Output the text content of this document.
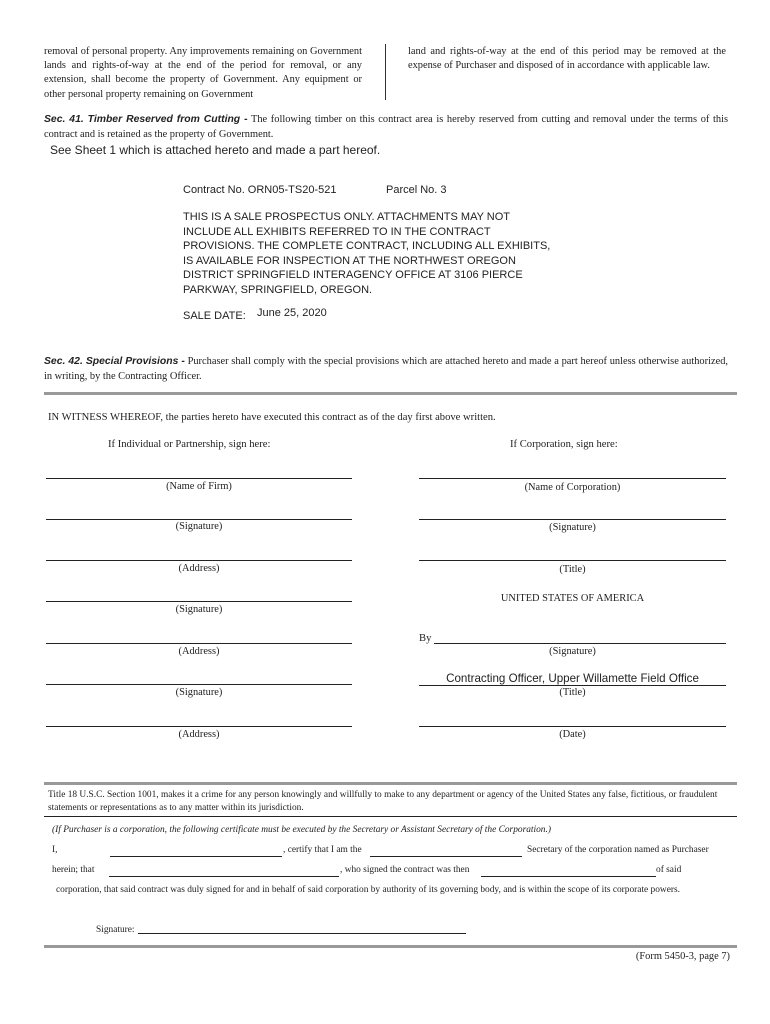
removal of personal property. Any improvements remaining on Government lands and rights-of-way at the end of the period for removal, or any extension, shall become the property of Government. Any equipment or other personal property remaining on Government
land and rights-of-way at the end of this period may be removed at the expense of Purchaser and disposed of in accordance with applicable law.
Sec. 41. Timber Reserved from Cutting - The following timber on this contract area is hereby reserved from cutting and removal under the terms of this contract and is retained as the property of Government.
See Sheet 1 which is attached hereto and made a part hereof.
Contract No. ORN05-TS20-521	Parcel No. 3
THIS IS A SALE PROSPECTUS ONLY. ATTACHMENTS MAY NOT
INCLUDE ALL EXHIBITS REFERRED TO IN THE CONTRACT
PROVISIONS. THE COMPLETE CONTRACT, INCLUDING ALL EXHIBITS,
IS AVAILABLE FOR INSPECTION AT THE NORTHWEST OREGON
DISTRICT SPRINGFIELD INTERAGENCY OFFICE AT 3106 PIERCE
PARKWAY, SPRINGFIELD, OREGON.
SALE DATE: June 25, 2020
Sec. 42. Special Provisions - Purchaser shall comply with the special provisions which are attached hereto and made a part hereof unless otherwise authorized, in writing, by the Contracting Officer.
IN WITNESS WHEREOF, the parties hereto have executed this contract as of the day first above written.
If Individual or Partnership, sign here:	If Corporation, sign here:
(Name of Firm)
(Signature)
(Address)
(Signature)
(Address)
(Signature)
(Address)
(Name of Corporation)
(Signature)
(Title)
UNITED STATES OF AMERICA
By
(Signature)
Contracting Officer, Upper Willamette Field Office
(Title)
(Date)
Title 18 U.S.C. Section 1001, makes it a crime for any person knowingly and willfully to make to any department or agency of the United States any false, fictitious, or fraudulent statements or representations as to any matter within its jurisdiction.
(If Purchaser is a corporation, the following certificate must be executed by the Secretary or Assistant Secretary of the Corporation.)
I,	, certify that I am the	Secretary of the corporation named as Purchaser
herein; that	, who signed the contract was then	of said
corporation, that said contract was duly signed for and in behalf of said corporation by authority of its governing body, and is within the scope of its corporate powers.
Signature:
(Form 5450-3, page 7)
